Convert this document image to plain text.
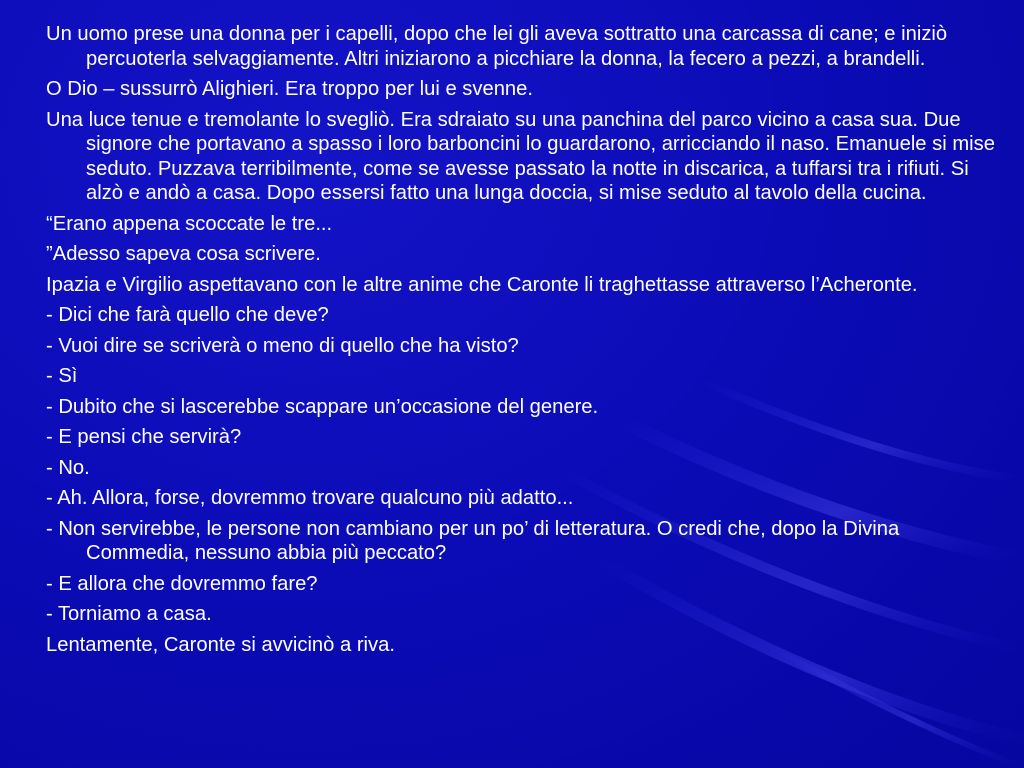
Un uomo prese una donna per i capelli, dopo che lei gli aveva sottratto una carcassa di cane; e iniziò percuoterla selvaggiamente. Altri iniziarono a picchiare la donna, la fecero a pezzi, a brandelli.

O Dio – sussurrò Alighieri. Era troppo per lui e svenne.

Una luce tenue e tremolante lo svegliò. Era sdraiato su una panchina del parco vicino a casa sua. Due signore che portavano a spasso i loro barboncini lo guardarono, arricciando il naso. Emanuele si mise seduto. Puzzava terribilmente, come se avesse passato la notte in discarica, a tuffarsi tra i rifiuti. Si alzò e andò a casa. Dopo essersi fatto una lunga doccia, si mise seduto al tavolo della cucina.

“Erano appena scoccate le tre...

”Adesso sapeva cosa scrivere.

Ipazia e Virgilio aspettavano con le altre anime che Caronte li traghettasse attraverso l’Acheronte.

- Dici che farà quello che deve?

- Vuoi dire se scriverà o meno di quello che ha visto?

- Sì

- Dubito che si lascerebbe scappare un’occasione del genere.

- E pensi che servirà?

- No.

- Ah. Allora, forse, dovremmo trovare qualcuno più adatto...

- Non servirebbe, le persone non cambiano per un po’ di letteratura. O credi che, dopo la Divina Commedia, nessuno abbia più peccato?

- E allora che dovremmo fare?

- Torniamo a casa.

Lentamente, Caronte si avvicinò a riva.
